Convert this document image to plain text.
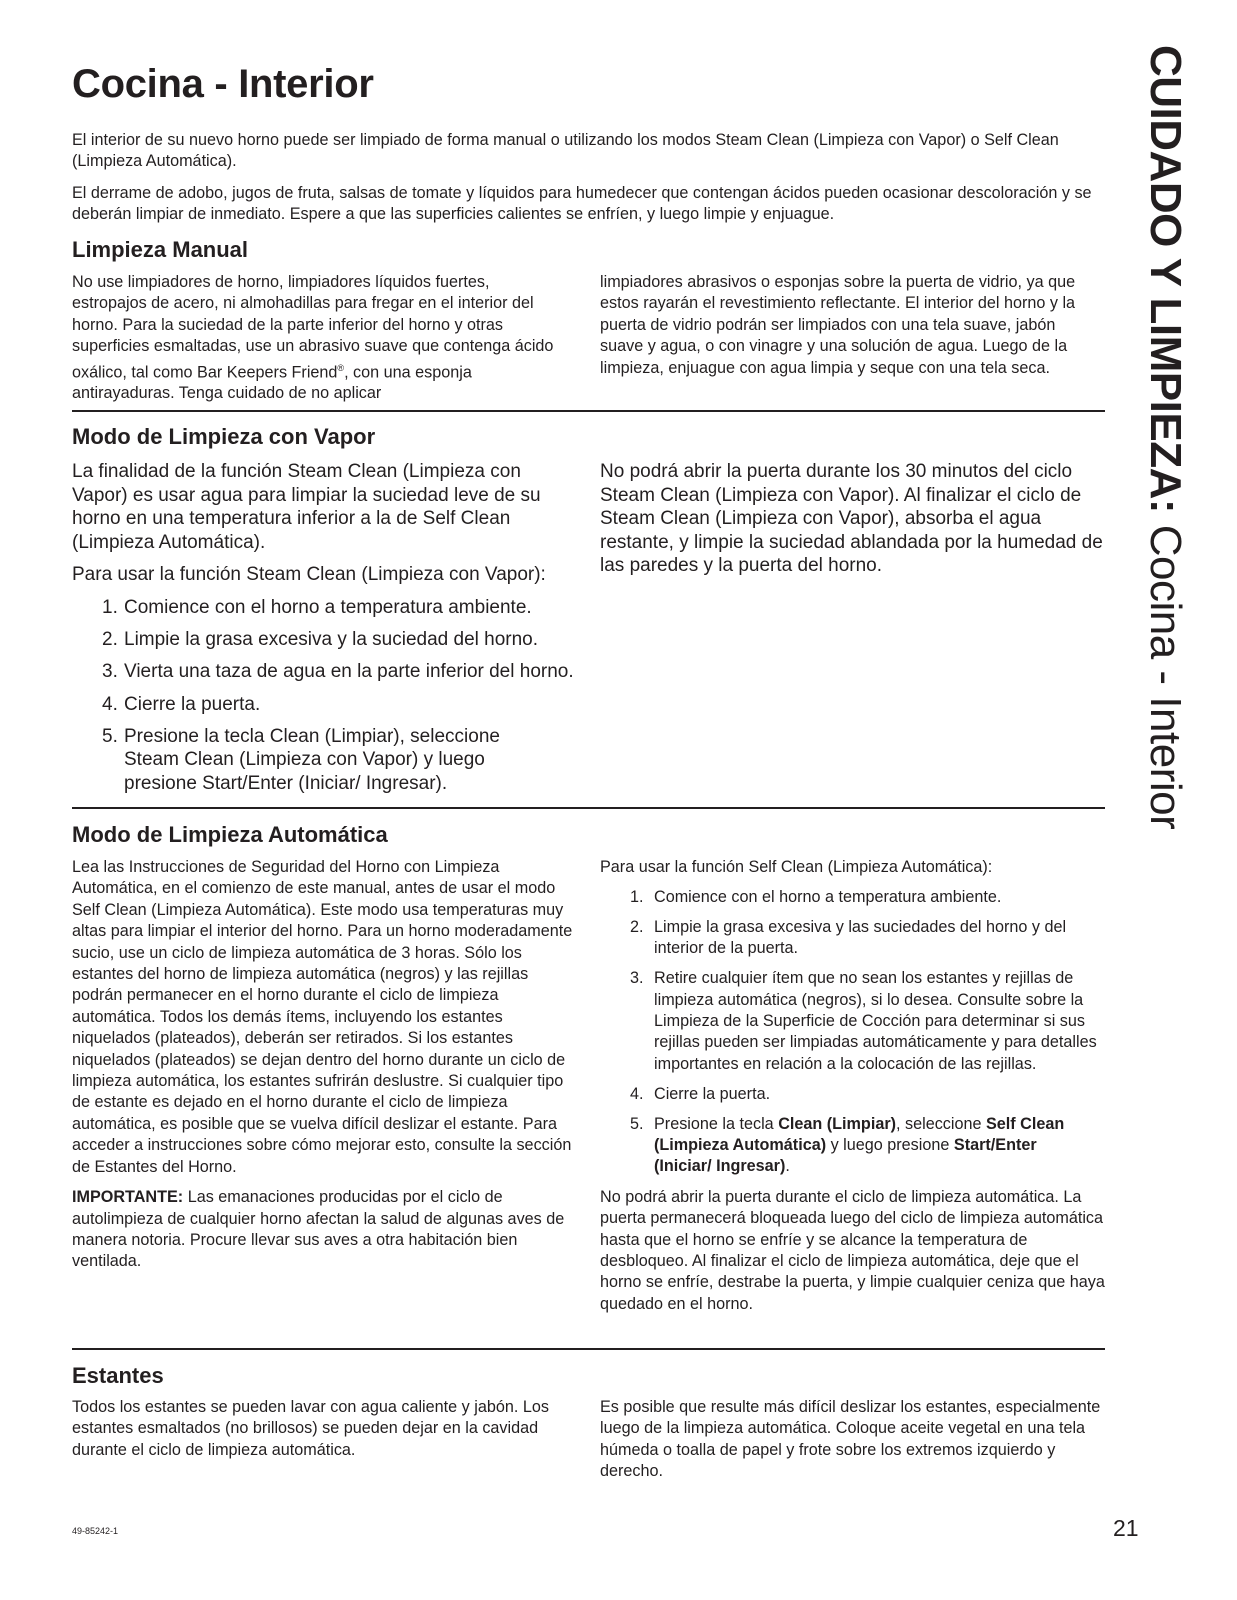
Cocina - Interior	CUIDADO Y LIMPIEZA: Cocina - Interior

El interior de su nuevo horno puede ser limpiado de forma manual o utilizando los modos Steam Clean (Limpieza con Vapor) o Self Clean (Limpieza Automática).

El derrame de adobo, jugos de fruta, salsas de tomate y líquidos para humedecer que contengan ácidos pueden ocasionar descoloración y se deberán limpiar de inmediato. Espere a que las superficies calientes se enfríen, y luego limpie y enjuague.

Limpieza Manual
No use limpiadores de horno, limpiadores líquidos fuertes, estropajos de acero, ni almohadillas para fregar en el interior del horno. Para la suciedad de la parte inferior del horno y otras superficies esmaltadas, use un abrasivo suave que contenga ácido oxálico, tal como Bar Keepers Friend®, con una esponja antirayaduras. Tenga cuidado de no aplicar
limpiadores abrasivos o esponjas sobre la puerta de vidrio, ya que estos rayarán el revestimiento reflectante. El interior del horno y la puerta de vidrio podrán ser limpiados con una tela suave, jabón suave y agua, o con vinagre y una solución de agua. Luego de la limpieza, enjuague con agua limpia y seque con una tela seca.
Modo de Limpieza con Vapor

La finalidad de la función Steam Clean (Limpieza con Vapor) es usar agua para limpiar la suciedad leve de su horno en una temperatura inferior a la de Self Clean (Limpieza Automática).

Para usar la función Steam Clean (Limpieza con Vapor):

1. Comience con el horno a temperatura ambiente.
2. Limpie la grasa excesiva y la suciedad del horno.
3. Vierta una taza de agua en la parte inferior del horno.
4. Cierre la puerta.
5. Presione la tecla Clean (Limpiar), seleccione Steam Clean (Limpieza con Vapor) y luego presione Start/Enter (Iniciar/ Ingresar).
No podrá abrir la puerta durante los 30 minutos del ciclo Steam Clean (Limpieza con Vapor). Al finalizar el ciclo de Steam Clean (Limpieza con Vapor), absorba el agua restante, y limpie la suciedad ablandada por la humedad de las paredes y la puerta del horno.
Modo de Limpieza Automática

Lea las Instrucciones de Seguridad del Horno con Limpieza Automática, en el comienzo de este manual, antes de usar el modo Self Clean (Limpieza Automática). Este modo usa temperaturas muy altas para limpiar el interior del horno. Para un horno moderadamente sucio, use un ciclo de limpieza automática de 3 horas. Sólo los estantes del horno de limpieza automática (negros) y las rejillas podrán permanecer en el horno durante el ciclo de limpieza automática. Todos los demás ítems, incluyendo los estantes niquelados (plateados), deberán ser retirados. Si los estantes niquelados (plateados) se dejan dentro del horno durante un ciclo de limpieza automática, los estantes sufrirán deslustre. Si cualquier tipo de estante es dejado en el horno durante el ciclo de limpieza automática, es posible que se vuelva difícil deslizar el estante. Para acceder a instrucciones sobre cómo mejorar esto, consulte la sección de Estantes del Horno.

IMPORTANTE: Las emanaciones producidas por el ciclo de autolimpieza de cualquier horno afectan la salud de algunas aves de manera notoria. Procure llevar sus aves a otra habitación bien ventilada.

Para usar la función Self Clean (Limpieza Automática):

1. Comience con el horno a temperatura ambiente.
2. Limpie la grasa excesiva y las suciedades del horno y del interior de la puerta.
3. Retire cualquier ítem que no sean los estantes y rejillas de limpieza automática (negros), si lo desea. Consulte sobre la Limpieza de la Superficie de Cocción para determinar si sus rejillas pueden ser limpiadas automáticamente y para detalles importantes en relación a la colocación de las rejillas.
4. Cierre la puerta.
5. Presione la tecla Clean (Limpiar), seleccione Self Clean (Limpieza Automática) y luego presione Start/Enter (Iniciar/ Ingresar).

No podrá abrir la puerta durante el ciclo de limpieza automática. La puerta permanecerá bloqueada luego del ciclo de limpieza automática hasta que el horno se enfríe y se alcance la temperatura de desbloqueo. Al finalizar el ciclo de limpieza automática, deje que el horno se enfríe, destrabe la puerta, y limpie cualquier ceniza que haya quedado en el horno.

Estantes
Todos los estantes se pueden lavar con agua caliente y jabón. Los estantes esmaltados (no brillosos) se pueden dejar en la cavidad durante el ciclo de limpieza automática.
Es posible que resulte más difícil deslizar los estantes, especialmente luego de la limpieza automática. Coloque aceite vegetal en una tela húmeda o toalla de papel y frote sobre los extremos izquierdo y derecho.
49-85242-1	21
